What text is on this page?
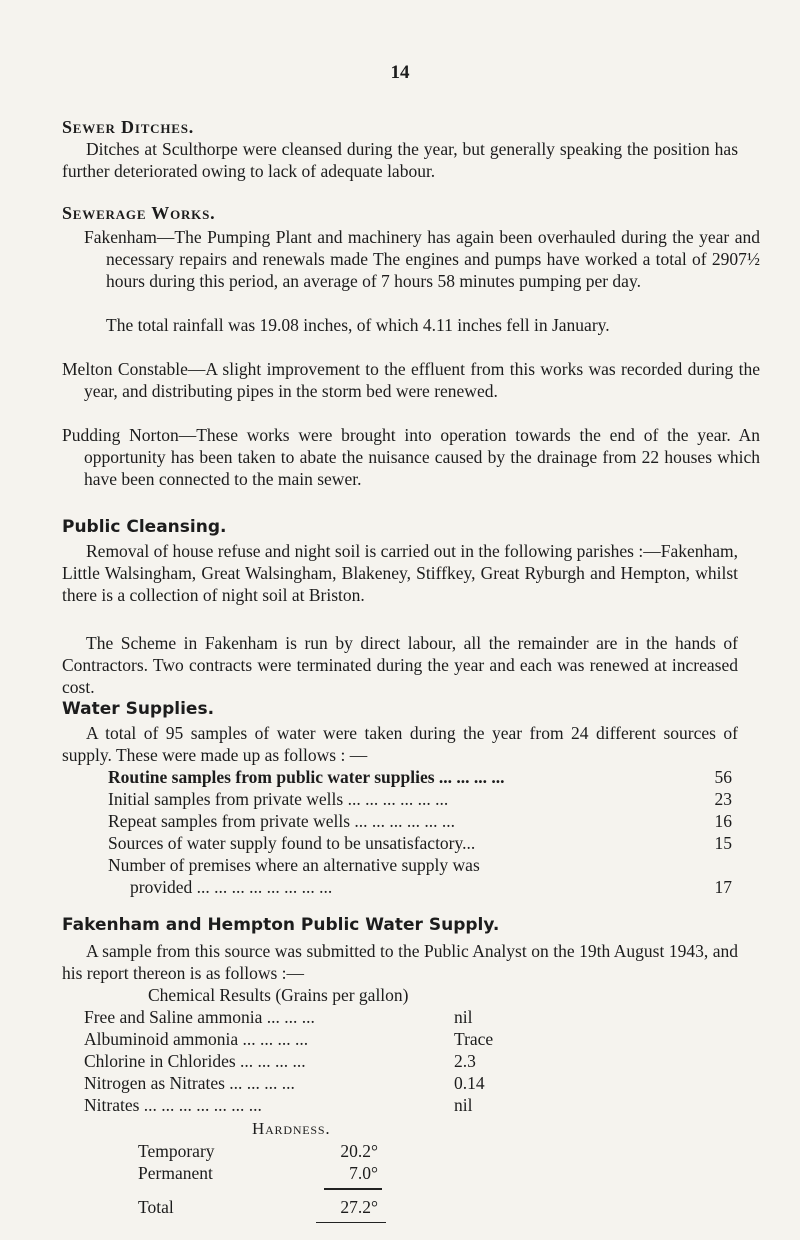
14
Sewer Ditches.

Ditches at Sculthorpe were cleansed during the year, but generally speaking the position has further deteriorated owing to lack of adequate labour.

Sewerage Works.

Fakenham—The Pumping Plant and machinery has again been overhauled during the year and necessary repairs and renewals made The engines and pumps have worked a total of 2907½ hours during this period, an average of 7 hours 58 minutes pumping per day.

The total rainfall was 19.08 inches, of which 4.11 inches fell in January.

Melton Constable—A slight improvement to the effluent from this works was recorded during the year, and distributing pipes in the storm bed were renewed.

Pudding Norton—These works were brought into operation towards the end of the year. An opportunity has been taken to abate the nuisance caused by the drainage from 22 houses which have been connected to the main sewer.

Public Cleansing.

Removal of house refuse and night soil is carried out in the following parishes :—Fakenham, Little Walsingham, Great Walsingham, Blakeney, Stiffkey, Great Ryburgh and Hempton, whilst there is a collection of night soil at Briston.

The Scheme in Fakenham is run by direct labour, all the remainder are in the hands of Contractors. Two contracts were terminated during the year and each was renewed at increased cost.

Water Supplies.

A total of 95 samples of water were taken during the year from 24 different sources of supply. These were made up as follows : —

Routine samples from public water supplies ... ... ... ...	56
Initial samples from private wells ... ... ... ... ... ...	23
Repeat samples from private wells ... ... ... ... ... ...	16
Sources of water supply found to be unsatisfactory...	15
Number of premises where an alternative supply was
provided ... ... ... ... ... ... ... ...	17
Fakenham and Hempton Public Water Supply.

A sample from this source was submitted to the Public Analyst on the 19th August 1943, and his report thereon is as follows :—

Chemical Results (Grains per gallon)
Free and Saline ammonia ... ... ...	nil
Albuminoid ammonia ... ... ... ...	Trace
Chlorine in Chlorides ... ... ... ...	2.3
Nitrogen as Nitrates ... ... ... ...	0.14
Nitrates ... ... ... ... ... ... ...	nil
Hardness.
Temporary	20.2°
Permanent	7.0°
Total	27.2°
